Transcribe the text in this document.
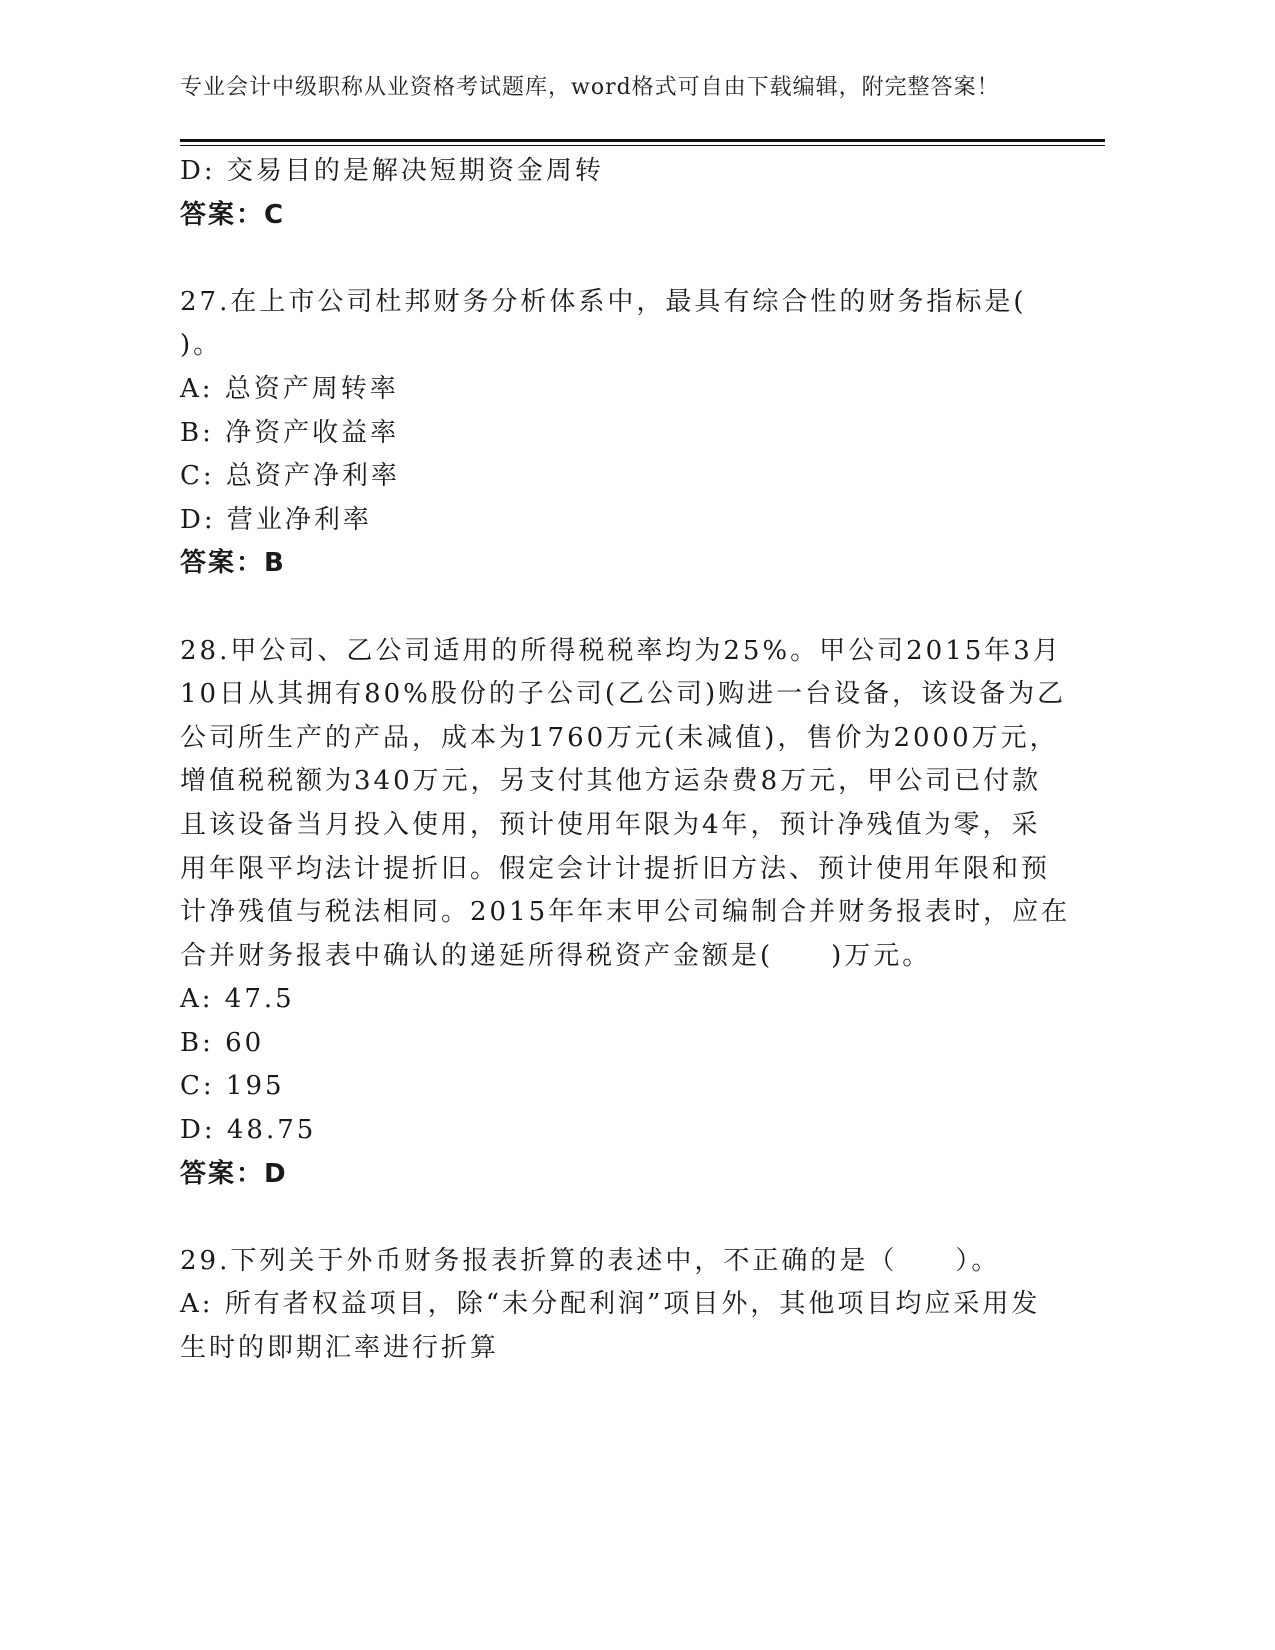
专业会计中级职称从业资格考试题库，word格式可自由下载编辑，附完整答案！
D: 交易目的是解决短期资金周转
答案：C
27.在上市公司杜邦财务分析体系中，最具有综合性的财务指标是(
)。
A: 总资产周转率
B: 净资产收益率
C: 总资产净利率
D: 营业净利率
答案：B
28.甲公司、乙公司适用的所得税税率均为25%。甲公司2015年3月
10日从其拥有80%股份的子公司(乙公司)购进一台设备，该设备为乙
公司所生产的产品，成本为1760万元(未减值)，售价为2000万元，
增值税税额为340万元，另支付其他方运杂费8万元，甲公司已付款
且该设备当月投入使用，预计使用年限为4年，预计净残值为零，采
用年限平均法计提折旧。假定会计计提折旧方法、预计使用年限和预
计净残值与税法相同。2015年年末甲公司编制合并财务报表时，应在
合并财务报表中确认的递延所得税资产金额是(　　)万元。
A: 47.5
B: 60
C: 195
D: 48.75
答案：D
29.下列关于外币财务报表折算的表述中，不正确的是（　　）。
A: 所有者权益项目，除“未分配利润”项目外，其他项目均应采用发
生时的即期汇率进行折算
